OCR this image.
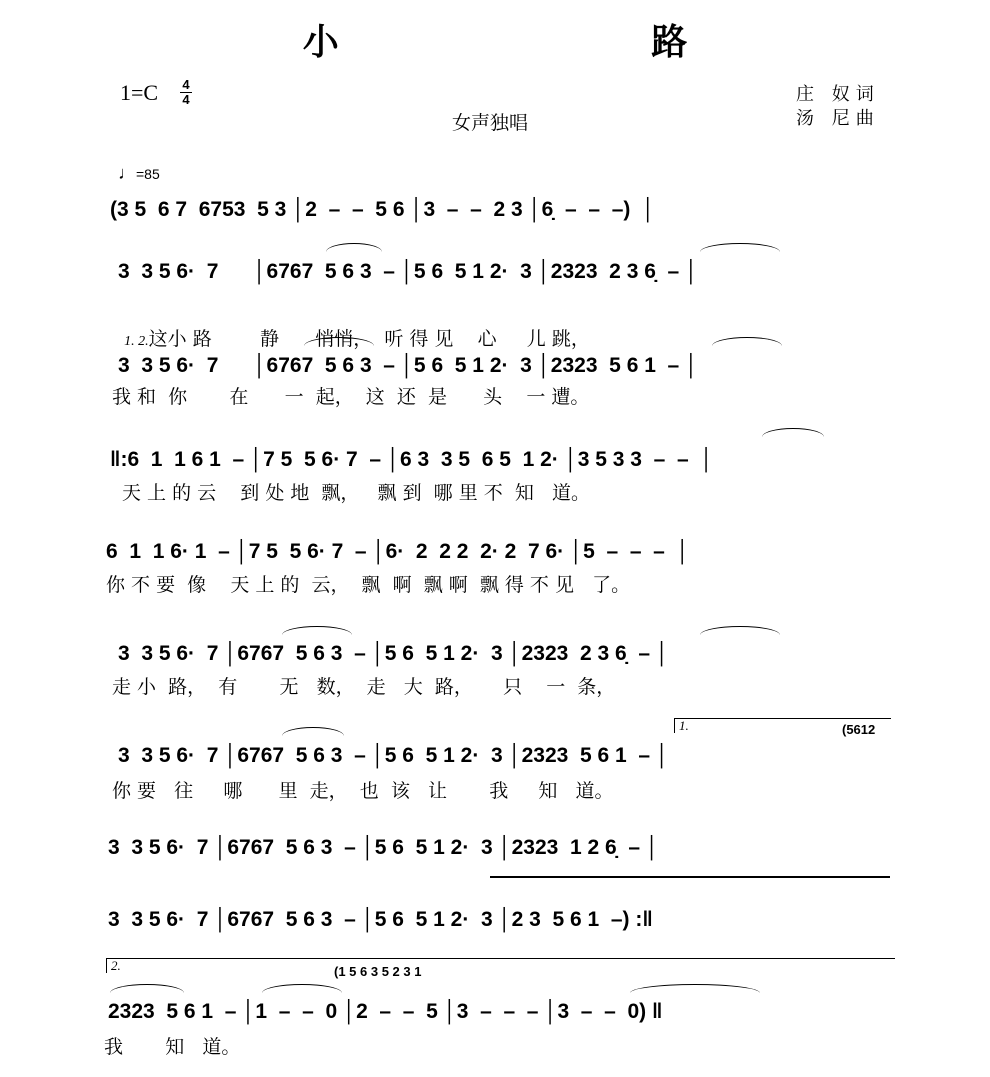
小 路
1=C	4
4
女声独唱
庄 奴词
汤 尼曲
♩=85
(3 5  6 7  6753  5 3 │2  –  –  5 6 │3  –  –  2 3 │6̣  –  –  –)  │
3  3 5 6·  7      │6767  5 6 3  – │5 6  5 1 2·  3 │2323  2 3 6̣  – │

1. 2.这小 路        静      悄悄，  听 得 见    心     儿 跳，

3  3 5 6·  7      │6767  5 6 3  – │5 6  5 1 2·  3 │2323  5 6 1  – │
我 和  你       在      一  起，  这  还  是      头    一 遭。
‖:6  1  1 6 1  – │7 5  5 6· 7  – │6 3  3 5  6 5  1 2· │3 5 3 3  –  –  │
天 上 的 云    到 处 地  飘，   飘 到  哪 里 不  知   道。
6  1  1 6· 1  – │7 5  5 6· 7  – │6·  2  2 2  2· 2  7 6· │5  –  –  –  │
你 不 要  像    天 上 的  云，  飘  啊  飘 啊  飘 得 不 见   了。
3  3 5 6·  7 │6767  5 6 3  – │5 6  5 1 2·  3 │2323  2 3 6̣  – │
走 小  路，  有       无   数，  走   大  路，     只    一  条，
3  3 5 6·  7 │6767  5 6 3  – │5 6  5 1 2·  3 │2323  5 6 1  – │
你 要   往     哪      里  走，  也  该   让       我     知   道。
1.	(5612
3  3 5 6·  7 │6767  5 6 3  – │5 6  5 1 2·  3 │2323  1 2 6̣  – │
3  3 5 6·  7 │6767  5 6 3  – │5 6  5 1 2·  3 │2 3  5 6 1  –) :‖
2.	(1 5 6 3 5 2 3 1
2323  5 6 1  – │1  –  –  0 │2  –  –  5 │3  –  –  – │3  –  –  0) ‖
我       知   道。
